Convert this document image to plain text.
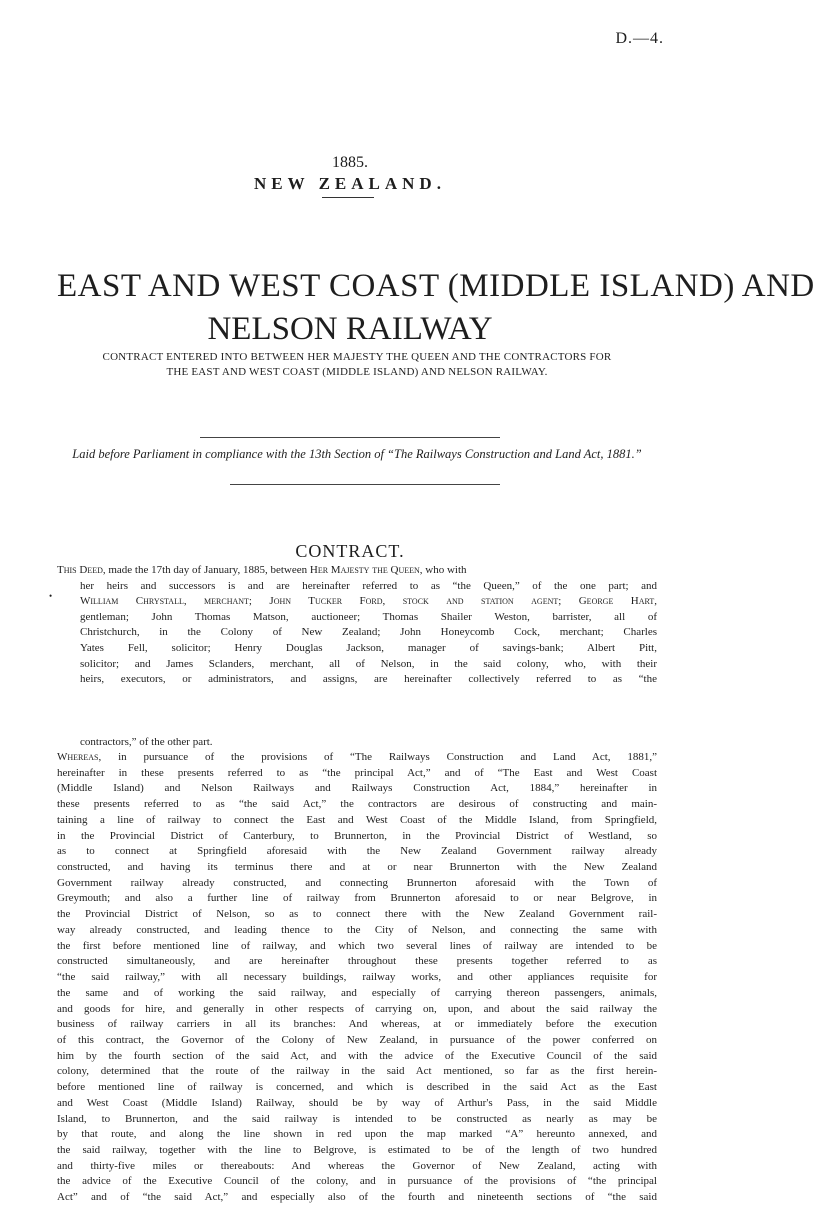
D.—4.
1885.
NEW ZEALAND.
EAST AND WEST COAST (MIDDLE ISLAND) AND
NELSON RAILWAY
CONTRACT ENTERED INTO BETWEEN HER MAJESTY THE QUEEN AND THE CONTRACTORS FOR
THE EAST AND WEST COAST (MIDDLE ISLAND) AND NELSON RAILWAY.
Laid before Parliament in compliance with the 13th Section of “The Railways Construction and Land Act, 1881.”
CONTRACT.
This Deed, made the 17th day of January, 1885, between Her Majesty the Queen, who with
•
her heirs and successors is and are hereinafter referred to as “the Queen,” of the one part; and
William Chrystall, merchant; John Tucker Ford, stock and station agent; George Hart,
gentleman; John Thomas Matson, auctioneer; Thomas Shailer Weston, barrister, all of
Christchurch, in the Colony of New Zealand; John Honeycomb Cock, merchant; Charles
Yates Fell, solicitor; Henry Douglas Jackson, manager of savings-bank; Albert Pitt,
solicitor; and James Sclanders, merchant, all of Nelson, in the said colony, who, with their
heirs, executors, or administrators, and assigns, are hereinafter collectively referred to as “the
contractors,” of the other part.
Whereas, in pursuance of the provisions of “The Railways Construction and Land Act, 1881,”
hereinafter in these presents referred to as “the principal Act,” and of “The East and West Coast
(Middle Island) and Nelson Railways and Railways Construction Act, 1884,” hereinafter in
these presents referred to as “the said Act,” the contractors are desirous of constructing and main-
taining a line of railway to connect the East and West Coast of the Middle Island, from Springfield,
in the Provincial District of Canterbury, to Brunnerton, in the Provincial District of Westland, so
as to connect at Springfield aforesaid with the New Zealand Government railway already
constructed, and having its terminus there and at or near Brunnerton with the New Zealand
Government railway already constructed, and connecting Brunnerton aforesaid with the Town of
Greymouth; and also a further line of railway from Brunnerton aforesaid to or near Belgrove, in
the Provincial District of Nelson, so as to connect there with the New Zealand Government rail-
way already constructed, and leading thence to the City of Nelson, and connecting the same with
the first before mentioned line of railway, and which two several lines of railway are intended to be
constructed simultaneously, and are hereinafter throughout these presents together referred to as
“the said railway,” with all necessary buildings, railway works, and other appliances requisite for
the same and of working the said railway, and especially of carrying thereon passengers, animals,
and goods for hire, and generally in other respects of carrying on, upon, and about the said railway the
business of railway carriers in all its branches: And whereas, at or immediately before the execution
of this contract, the Governor of the Colony of New Zealand, in pursuance of the power conferred on
him by the fourth section of the said Act, and with the advice of the Executive Council of the said
colony, determined that the route of the railway in the said Act mentioned, so far as the first herein-
before mentioned line of railway is concerned, and which is described in the said Act as the East
and West Coast (Middle Island) Railway, should be by way of Arthur's Pass, in the said Middle
Island, to Brunnerton, and the said railway is intended to be constructed as nearly as may be
by that route, and along the line shown in red upon the map marked “A” hereunto annexed, and
the said railway, together with the line to Belgrove, is estimated to be of the length of two hundred
and thirty-five miles or thereabouts: And whereas the Governor of New Zealand, acting with
the advice of the Executive Council of the colony, and in pursuance of the provisions of “the principal
Act” and of “the said Act,” and especially also of the fourth and nineteenth sections of “the said
